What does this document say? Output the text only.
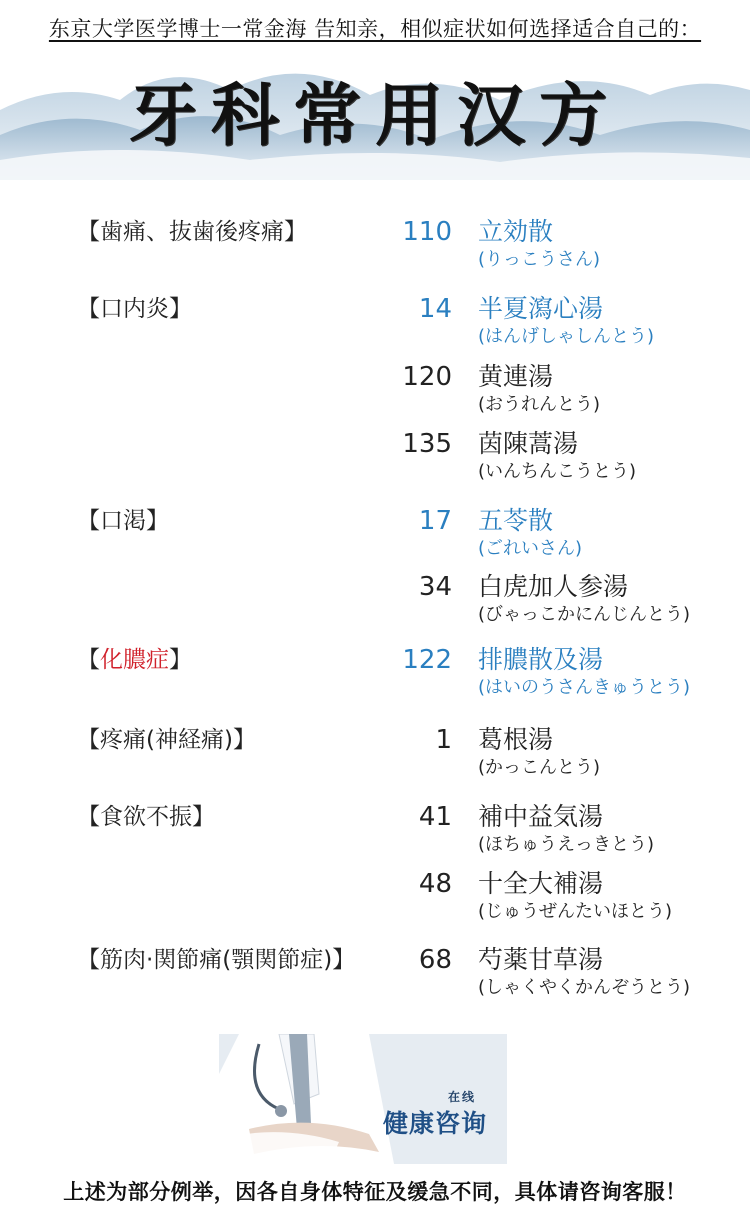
东京大学医学博士一常金海 告知亲，相似症状如何选择适合自己的：
牙科常用汉方
【歯痛、抜歯後疼痛】	110 立効散
(りっこうさん)
【口内炎】	14 半夏瀉心湯
(はんげしゃしんとう)
120 黄連湯
(おうれんとう)
135 茵陳蒿湯
(いんちんこうとう)
【口渇】	17 五苓散
(ごれいさん)
34 白虎加人参湯
(びゃっこかにんじんとう)
【化膿症】	122 排膿散及湯
(はいのうさんきゅうとう)
【疼痛(神経痛)】	1 葛根湯
(かっこんとう)
【食欲不振】	41 補中益気湯
(ほちゅうえっきとう)
48 十全大補湯
(じゅうぜんたいほとう)
【筋肉·関節痛(顎関節症)】 68 芍薬甘草湯
(しゃくやくかんぞうとう)
在线
健康咨询
上述为部分例举，因各自身体特征及缓急不同，具体请咨询客服！
